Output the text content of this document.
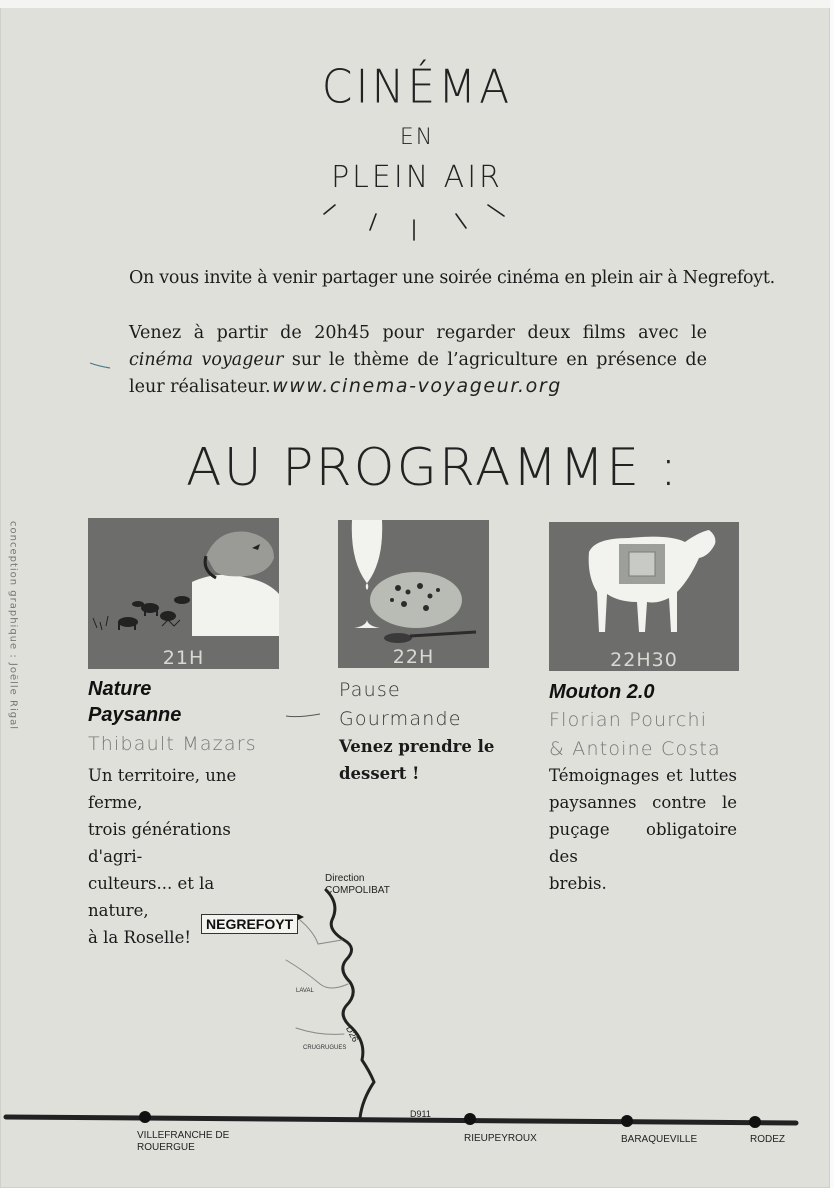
CINÉMA
EN
PLEIN AIR
On vous invite à venir partager une soirée cinéma en plein air à Negrefoyt.
Venez à partir de 20h45 pour regarder deux films avec le cinéma voyageur sur le thème de l’agriculture en présence de leur réalisateur. www.cinema-voyageur.org
AU PROGRAMME :
conception graphique : Joëlle Rigal	21H	22H	22H30
Nature
Paysanne
Thibault Mazars
Un territoire, une ferme,
trois générations d'agri-
culteurs... et la nature,
à la Roselle!
Pause
Gourmande
Venez prendre le
dessert !
Mouton 2.0
Florian Pourchi
& Antoine Costa
Témoignages et luttes
paysannes contre le
puçage obligatoire des
brebis.
Direction
COMPOLIBAT
NEGREFOYT
LAVAL
CRUGRUGUES
D26
D911
VILLEFRANCHE DE
ROUERGUE
RIEUPEYROUX	BARAQUEVILLE	RODEZ
